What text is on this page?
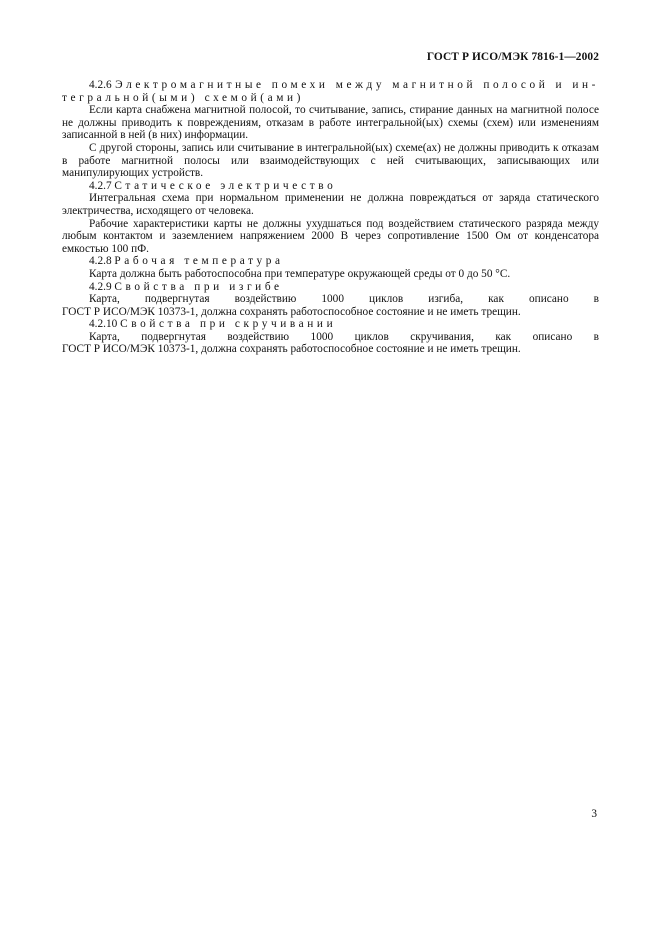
ГОСТ Р ИСО/МЭК 7816-1—2002

4.2.6 Электромагнитные помехи между магнитной полосой и ин-

тегральной(ыми) схемой(ами)

Если карта снабжена магнитной полосой, то считывание, запись, стирание данных на магнитной полосе не должны приводить к повреждениям, отказам в работе интегральной(ых) схемы (схем) или изменениям записанной в ней (в них) информации.

С другой стороны, запись или считывание в интегральной(ых) схеме(ах) не должны приводить к отказам в работе магнитной полосы или взаимодействующих с ней считывающих, записывающих или манипулирующих устройств.

4.2.7 Статическое электричество

Интегральная схема при нормальном применении не должна повреждаться от заряда статического электричества, исходящего от человека.

Рабочие характеристики карты не должны ухудшаться под воздействием статического разряда между любым контактом и заземлением напряжением 2000 В через сопротивление 1500 Ом от конденсатора емкостью 100 пФ.

4.2.8 Рабочая температура

Карта должна быть работоспособна при температуре окружающей среды от 0 до 50 °С.

4.2.9 Свойства при изгибе

Карта, подвергнутая воздействию 1000 циклов изгиба, как описано в

ГОСТ Р ИСО/МЭК 10373-1, должна сохранять работоспособное состояние и не иметь трещин.

4.2.10 Свойства при скручивании

Карта, подвергнутая воздействию 1000 циклов скручивания, как описано в

ГОСТ Р ИСО/МЭК 10373-1, должна сохранять работоспособное состояние и не иметь трещин.

3
